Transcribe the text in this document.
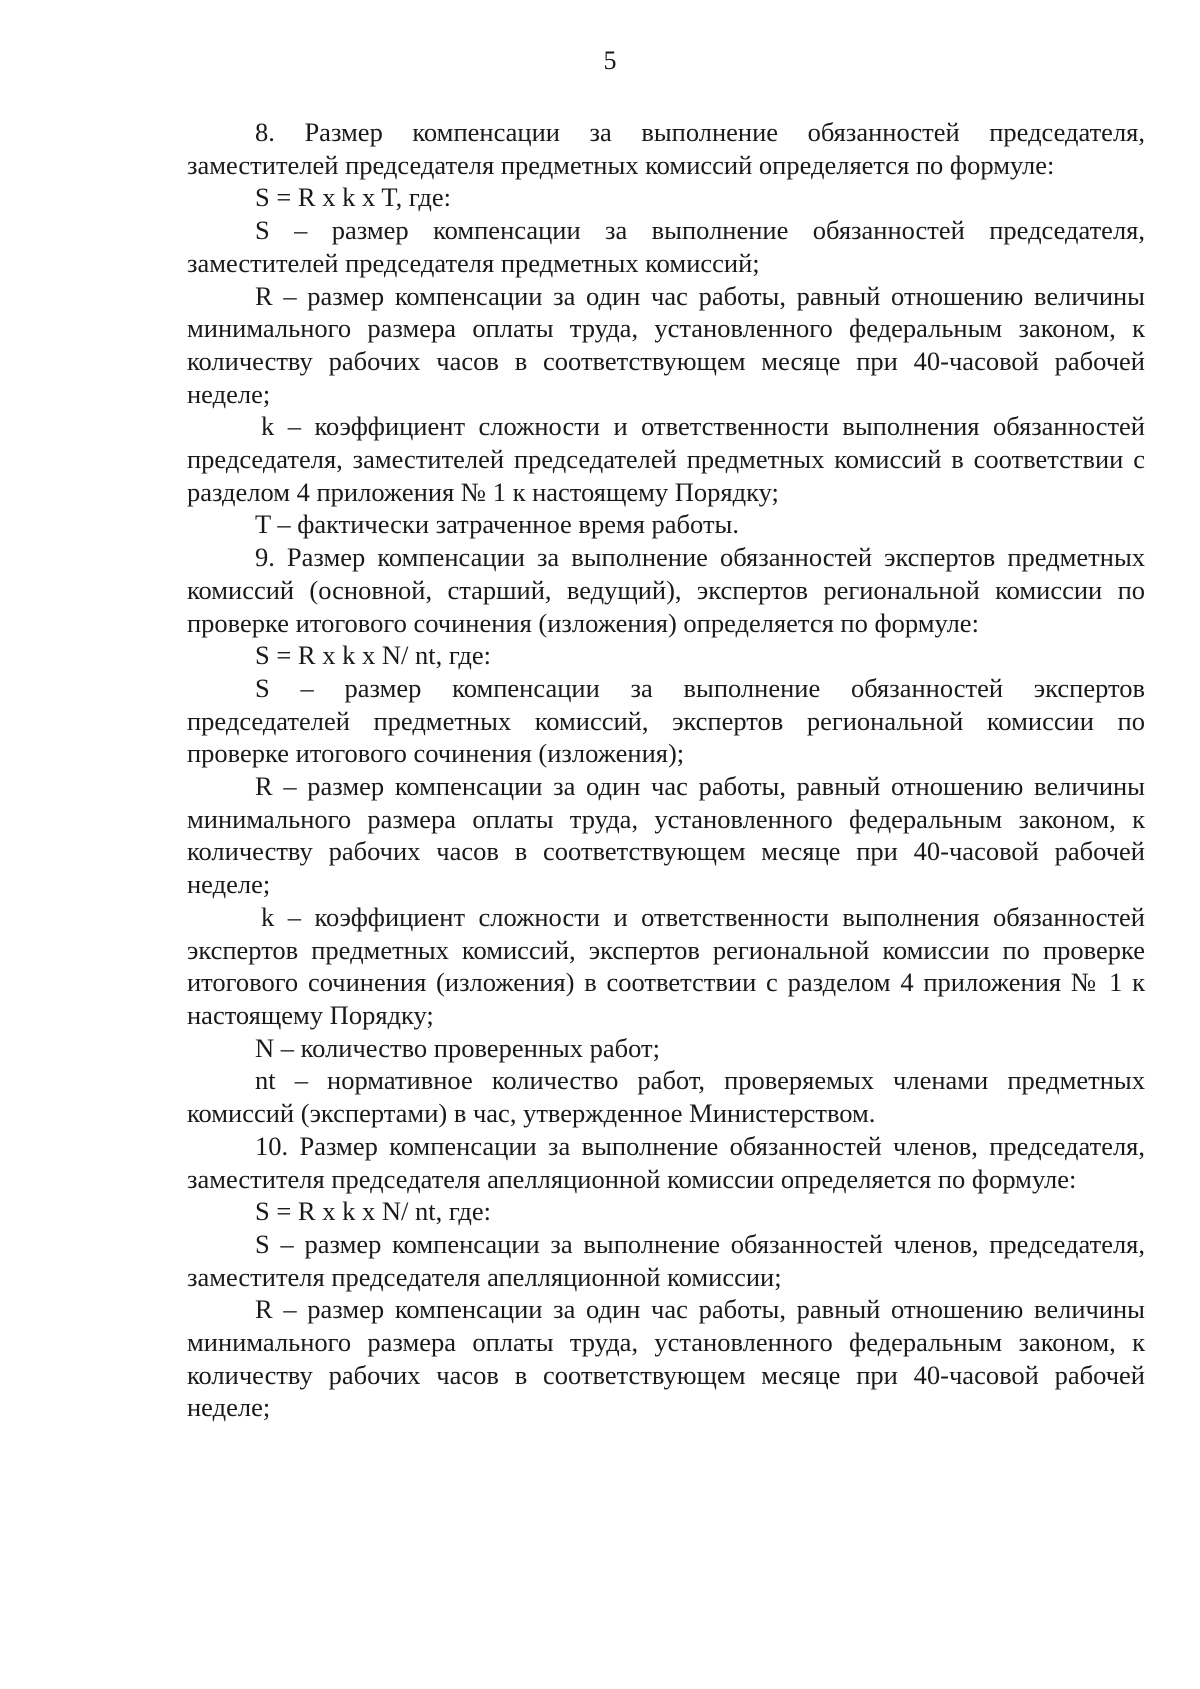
5

8. Размер компенсации за выполнение обязанностей председателя, заместителей председателя предметных комиссий определяется по формуле:

S = R x k x T, где:

S – размер компенсации за выполнение обязанностей председателя, заместителей председателя предметных комиссий;

R – размер компенсации за один час работы, равный отношению величины минимального размера оплаты труда, установленного федеральным законом, к количеству рабочих часов в соответствующем месяце при 40-часовой рабочей неделе;

k – коэффициент сложности и ответственности выполнения обязанностей председателя, заместителей председателей предметных комиссий в соответствии с разделом 4 приложения № 1 к настоящему Порядку;

T – фактически затраченное время работы.

9. Размер компенсации за выполнение обязанностей экспертов предметных комиссий (основной, старший, ведущий), экспертов региональной комиссии по проверке итогового сочинения (изложения) определяется по формуле:

S = R x k x N/ nt, где:

S – размер компенсации за выполнение обязанностей экспертов председателей предметных комиссий, экспертов региональной комиссии по проверке итогового сочинения (изложения);

R – размер компенсации за один час работы, равный отношению величины минимального размера оплаты труда, установленного федеральным законом, к количеству рабочих часов в соответствующем месяце при 40-часовой рабочей неделе;

k – коэффициент сложности и ответственности выполнения обязанностей экспертов предметных комиссий, экспертов региональной комиссии по проверке итогового сочинения (изложения) в соответствии с разделом 4 приложения № 1 к настоящему Порядку;

N – количество проверенных работ;

nt – нормативное количество работ, проверяемых членами предметных комиссий (экспертами) в час, утвержденное Министерством.

10. Размер компенсации за выполнение обязанностей членов, председателя, заместителя председателя апелляционной комиссии определяется по формуле:

S = R x k x N/ nt, где:

S – размер компенсации за выполнение обязанностей членов, председателя, заместителя председателя апелляционной комиссии;

R – размер компенсации за один час работы, равный отношению величины минимального размера оплаты труда, установленного федеральным законом, к количеству рабочих часов в соответствующем месяце при 40-часовой рабочей неделе;
